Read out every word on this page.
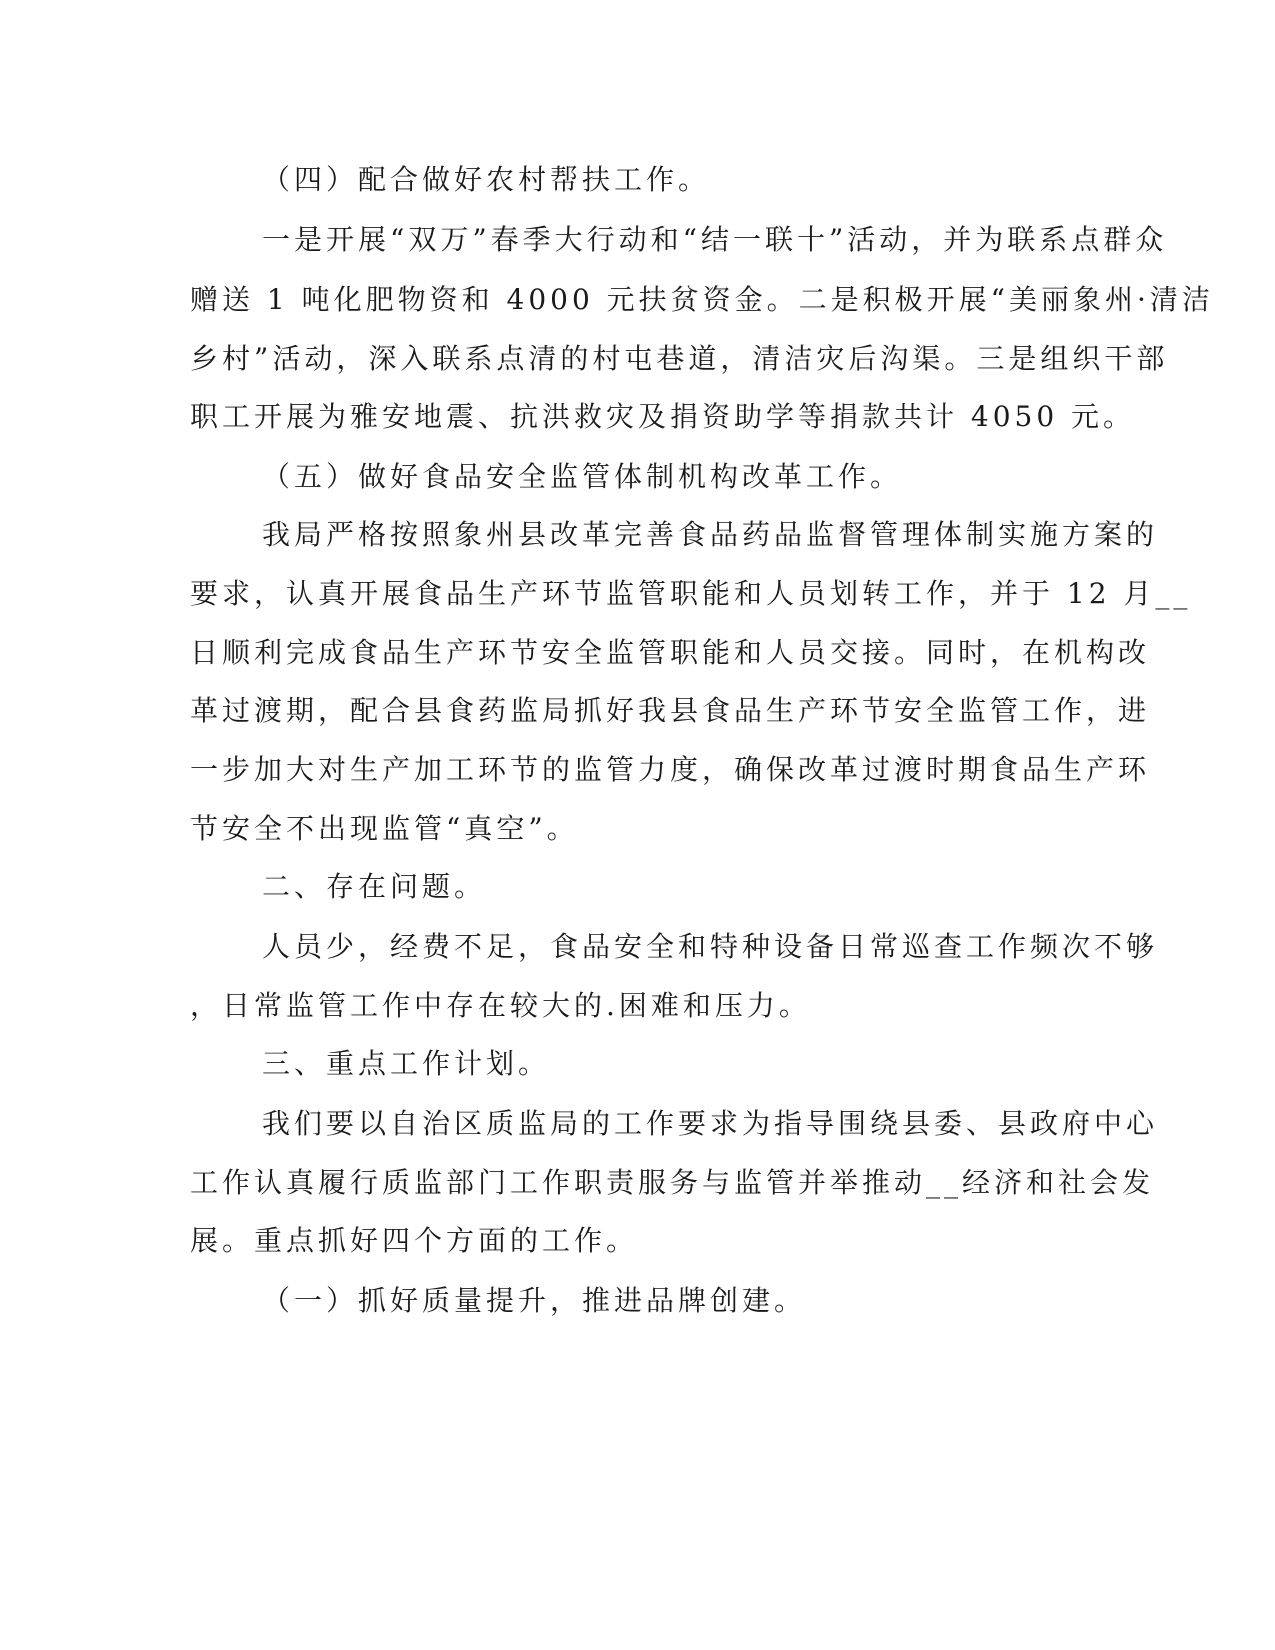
（四）配合做好农村帮扶工作。
一是开展“双万”春季大行动和“结一联十”活动，并为联系点群众
赠送 1 吨化肥物资和 4000 元扶贫资金。二是积极开展“美丽象州·清洁
乡村”活动，深入联系点清的村屯巷道，清洁灾后沟渠。三是组织干部
职工开展为雅安地震、抗洪救灾及捐资助学等捐款共计 4050 元。
（五）做好食品安全监管体制机构改革工作。
我局严格按照象州县改革完善食品药品监督管理体制实施方案的
要求，认真开展食品生产环节监管职能和人员划转工作，并于 12 月__
日顺利完成食品生产环节安全监管职能和人员交接。同时，在机构改
革过渡期，配合县食药监局抓好我县食品生产环节安全监管工作，进
一步加大对生产加工环节的监管力度，确保改革过渡时期食品生产环
节安全不出现监管“真空”。
二、存在问题。
人员少，经费不足，食品安全和特种设备日常巡查工作频次不够
，日常监管工作中存在较大的.困难和压力。
三、重点工作计划。
我们要以自治区质监局的工作要求为指导围绕县委、县政府中心
工作认真履行质监部门工作职责服务与监管并举推动__经济和社会发
展。重点抓好四个方面的工作。
（一）抓好质量提升，推进品牌创建。
